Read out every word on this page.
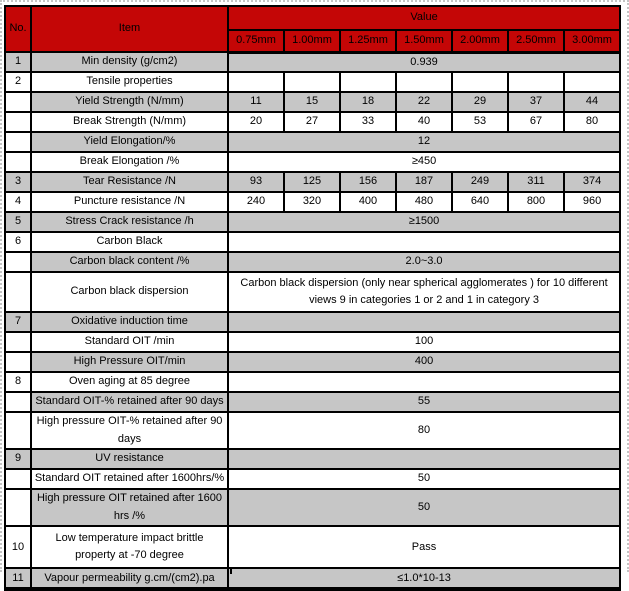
No.	Item	Value						
		0.75mm	1.00mm	1.25mm	1.50mm	2.00mm	2.50mm	3.00mm
1	Min density (g/cm2)	0.939						
2	Tensile properties							
	Yield Strength (N/mm)	11	15	18	22	29	37	44
	Break Strength (N/mm)	20	27	33	40	53	67	80
	Yield Elongation/%	12						
	Break Elongation /%	≥450						
3	Tear Resistance /N	93	125	156	187	249	311	374
4	Puncture resistance /N	240	320	400	480	640	800	960
5	Stress Crack resistance /h	≥1500						
6	Carbon Black							
	Carbon black content /%	2.0~3.0						
	Carbon black dispersion	Carbon black dispersion (only near spherical agglomerates ) for 10 different views 9 in categories 1 or 2 and 1 in category 3						
7	Oxidative induction time							
	Standard OIT /min	100						
	High Pressure OIT/min	400						
8	Oven aging at 85 degree							
	Standard OIT-% retained after 90 days	55						
	High pressure OIT-% retained after 90 days	80						
9	UV resistance							
	Standard OIT retained after 1600hrs/%	50						
	High pressure OIT retained after 1600 hrs /%	50						
10	Low temperature impact brittle property at -70 degree	Pass						
11	Vapour permeability g.cm/(cm2).pa	≤1.0*10-13						
